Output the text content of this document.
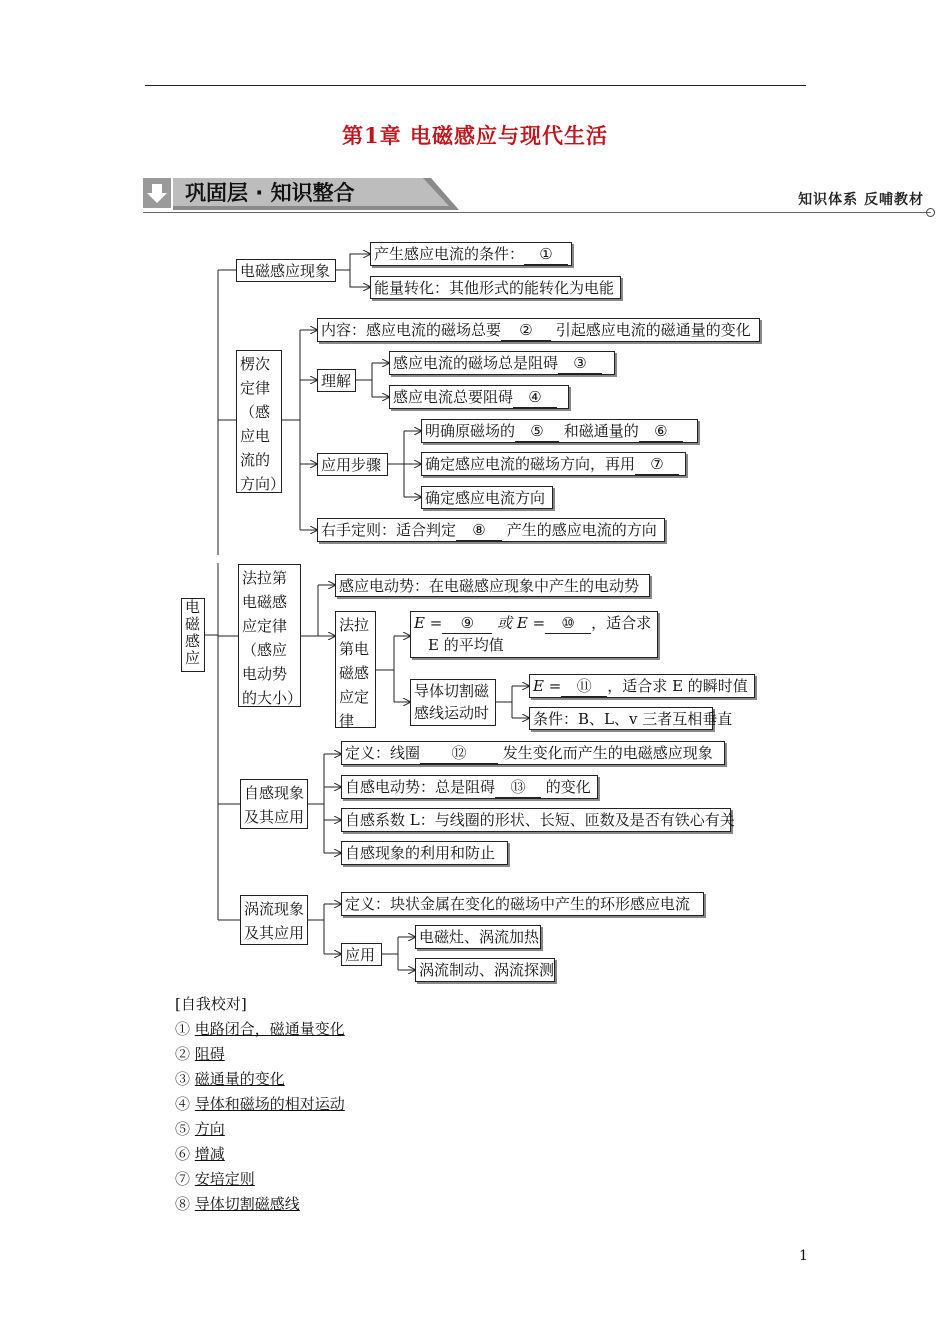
第1章 电磁感应与现代生活
巩固层 · 知识整合	知识体系 反哺教材
电磁感应
电磁感应现象
产生感应电流的条件： ①
能量转化：其他形式的能转化为电能
楞次定律（感应电流的方向）
内容：感应电流的磁场总要 ② 引起感应电流的磁通量的变化
理解
感应电流的磁场总是阻碍 ③
感应电流总要阻碍 ④
应用步骤
明确原磁场的 ⑤ 和磁通量的 ⑥
确定感应电流的磁场方向，再用 ⑦
确定感应电流方向
右手定则：适合判定 ⑧ 产生的感应电流的方向
法拉第电磁感应定律（感应电动势的大小）
感应电动势：在电磁感应现象中产生的电动势
法拉第电磁感应定律
E = ⑨ 或 E = ⑩ ，适合求
E 的平均值
导体切割磁感线运动时
E = ⑪ ，适合求 E 的瞬时值
条件：B、L、v 三者互相垂直
自感现象及其应用
定义：线圈 ⑫ 发生变化而产生的电磁感应现象
自感电动势：总是阻碍 ⑬ 的变化
自感系数 L：与线圈的形状、长短、匝数及是否有铁心有关
自感现象的利用和防止
涡流现象及其应用
定义：块状金属在变化的磁场中产生的环形感应电流
应用
电磁灶、涡流加热
涡流制动、涡流探测
[自我校对]
① 电路闭合，磁通量变化
② 阻碍
③ 磁通量的变化
④ 导体和磁场的相对运动
⑤ 方向
⑥ 增减
⑦ 安培定则
⑧ 导体切割磁感线
1
